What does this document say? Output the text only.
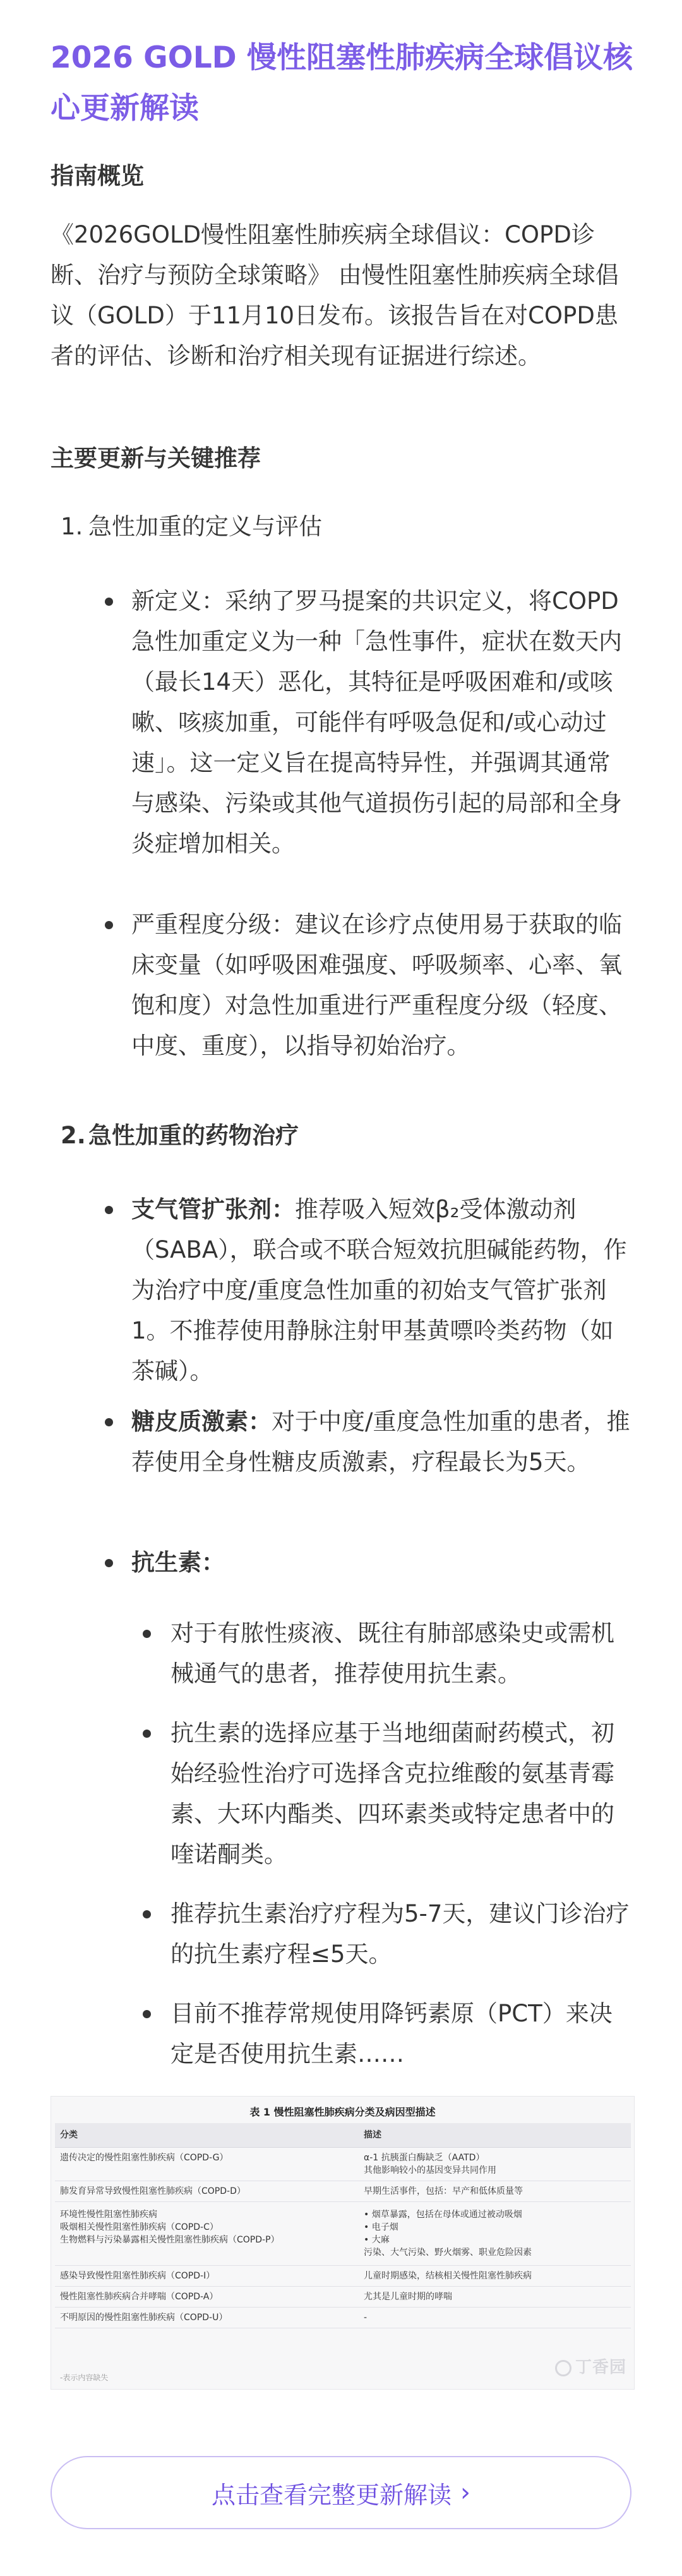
2026 GOLD 慢性阻塞性肺疾病全球倡议核心更新解读
指南概览

《2026GOLD慢性阻塞性肺疾病全球倡议：COPD诊断、治疗与预防全球策略》 由慢性阻塞性肺疾病全球倡议（GOLD）于11月10日发布。该报告旨在对COPD患者的评估、诊断和治疗相关现有证据进行综述。

主要更新与关键推荐

1. 急性加重的定义与评估

新定义：采纳了罗马提案的共识定义，将COPD急性加重定义为一种「急性事件，症状在数天内（最长14天）恶化，其特征是呼吸困难和/或咳嗽、咳痰加重，可能伴有呼吸急促和/或心动过速」。这一定义旨在提高特异性，并强调其通常与感染、污染或其他气道损伤引起的局部和全身炎症增加相关。

严重程度分级：建议在诊疗点使用易于获取的临床变量（如呼吸困难强度、呼吸频率、心率、氧饱和度）对急性加重进行严重程度分级（轻度、中度、重度），以指导初始治疗。

2. 急性加重的药物治疗

支气管扩张剂：推荐吸入短效β₂受体激动剂（SABA），联合或不联合短效抗胆碱能药物，作为治疗中度/重度急性加重的初始支气管扩张剂1。不推荐使用静脉注射甲基黄嘌呤类药物（如茶碱）。

糖皮质激素：对于中度/重度急性加重的患者，推荐使用全身性糖皮质激素，疗程最长为5天。

抗生素：

对于有脓性痰液、既往有肺部感染史或需机械通气的患者，推荐使用抗生素。

抗生素的选择应基于当地细菌耐药模式，初始经验性治疗可选择含克拉维酸的氨基青霉素、大环内酯类、四环素类或特定患者中的喹诺酮类。

推荐抗生素治疗疗程为5-7天，建议门诊治疗的抗生素疗程≤5天。

目前不推荐常规使用降钙素原（PCT）来决定是否使用抗生素……

表 1 慢性阻塞性肺疾病分类及病因型描述
分类	描述

遗传决定的慢性阻塞性肺疾病（COPD-G）	α-1 抗胰蛋白酶缺乏（AATD）
其他影响较小的基因变异共同作用

肺发育异常导致慢性阻塞性肺疾病（COPD-D）	早期生活事件，包括：早产和低体质量等

环境性慢性阻塞性肺疾病
吸烟相关慢性阻塞性肺疾病（COPD-C）
生物燃料与污染暴露相关慢性阻塞性肺疾病（COPD-P）	• 烟草暴露，包括在母体或通过被动吸烟
• 电子烟
• 大麻
污染、大气污染、野火烟雾、职业危险因素

感染导致慢性阻塞性肺疾病（COPD-I）	儿童时期感染，结核相关慢性阻塞性肺疾病

慢性阻塞性肺疾病合并哮喘（COPD-A）	尤其是儿童时期的哮喘

不明原因的慢性阻塞性肺疾病（COPD-U）	-
-表示内容缺失
丁香园
点击查看完整更新解读 ›
